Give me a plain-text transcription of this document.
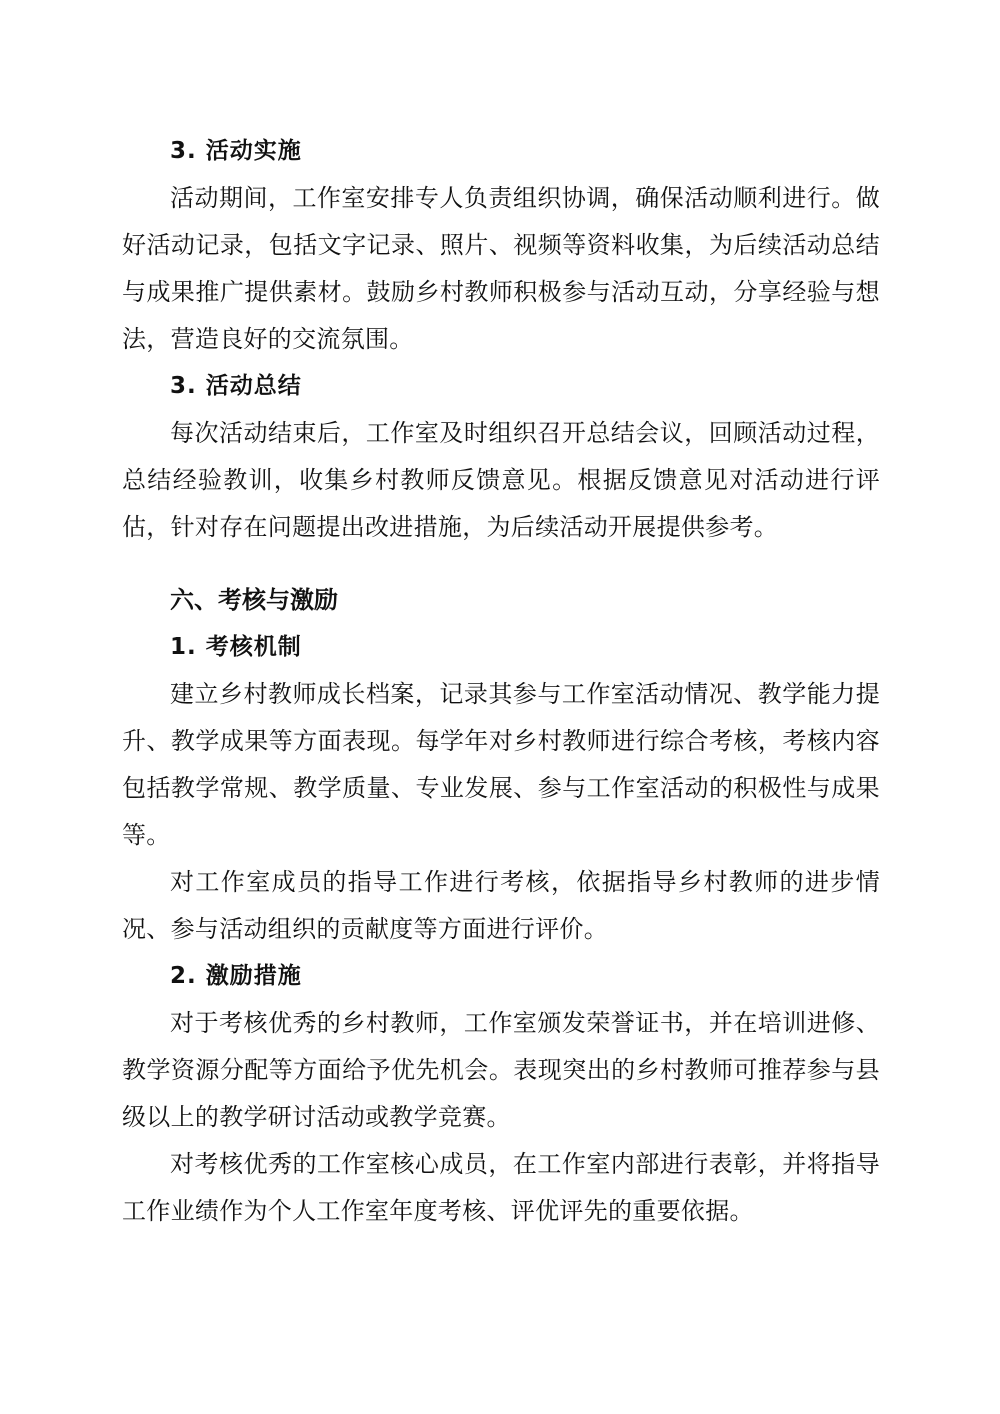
3. 活动实施

活动期间，工作室安排专人负责组织协调，确保活动顺利进行。做好活动记录，包括文字记录、照片、视频等资料收集，为后续活动总结与成果推广提供素材。鼓励乡村教师积极参与活动互动，分享经验与想法，营造良好的交流氛围。

3. 活动总结

每次活动结束后，工作室及时组织召开总结会议，回顾活动过程，总结经验教训，收集乡村教师反馈意见。根据反馈意见对活动进行评估，针对存在问题提出改进措施，为后续活动开展提供参考。

六、考核与激励
1. 考核机制

建立乡村教师成长档案，记录其参与工作室活动情况、教学能力提升、教学成果等方面表现。每学年对乡村教师进行综合考核，考核内容包括教学常规、教学质量、专业发展、参与工作室活动的积极性与成果等。

对工作室成员的指导工作进行考核，依据指导乡村教师的进步情况、参与活动组织的贡献度等方面进行评价。

2. 激励措施

对于考核优秀的乡村教师，工作室颁发荣誉证书，并在培训进修、教学资源分配等方面给予优先机会。表现突出的乡村教师可推荐参与县级以上的教学研讨活动或教学竞赛。

对考核优秀的工作室核心成员，在工作室内部进行表彰，并将指导工作业绩作为个人工作室年度考核、评优评先的重要依据。
